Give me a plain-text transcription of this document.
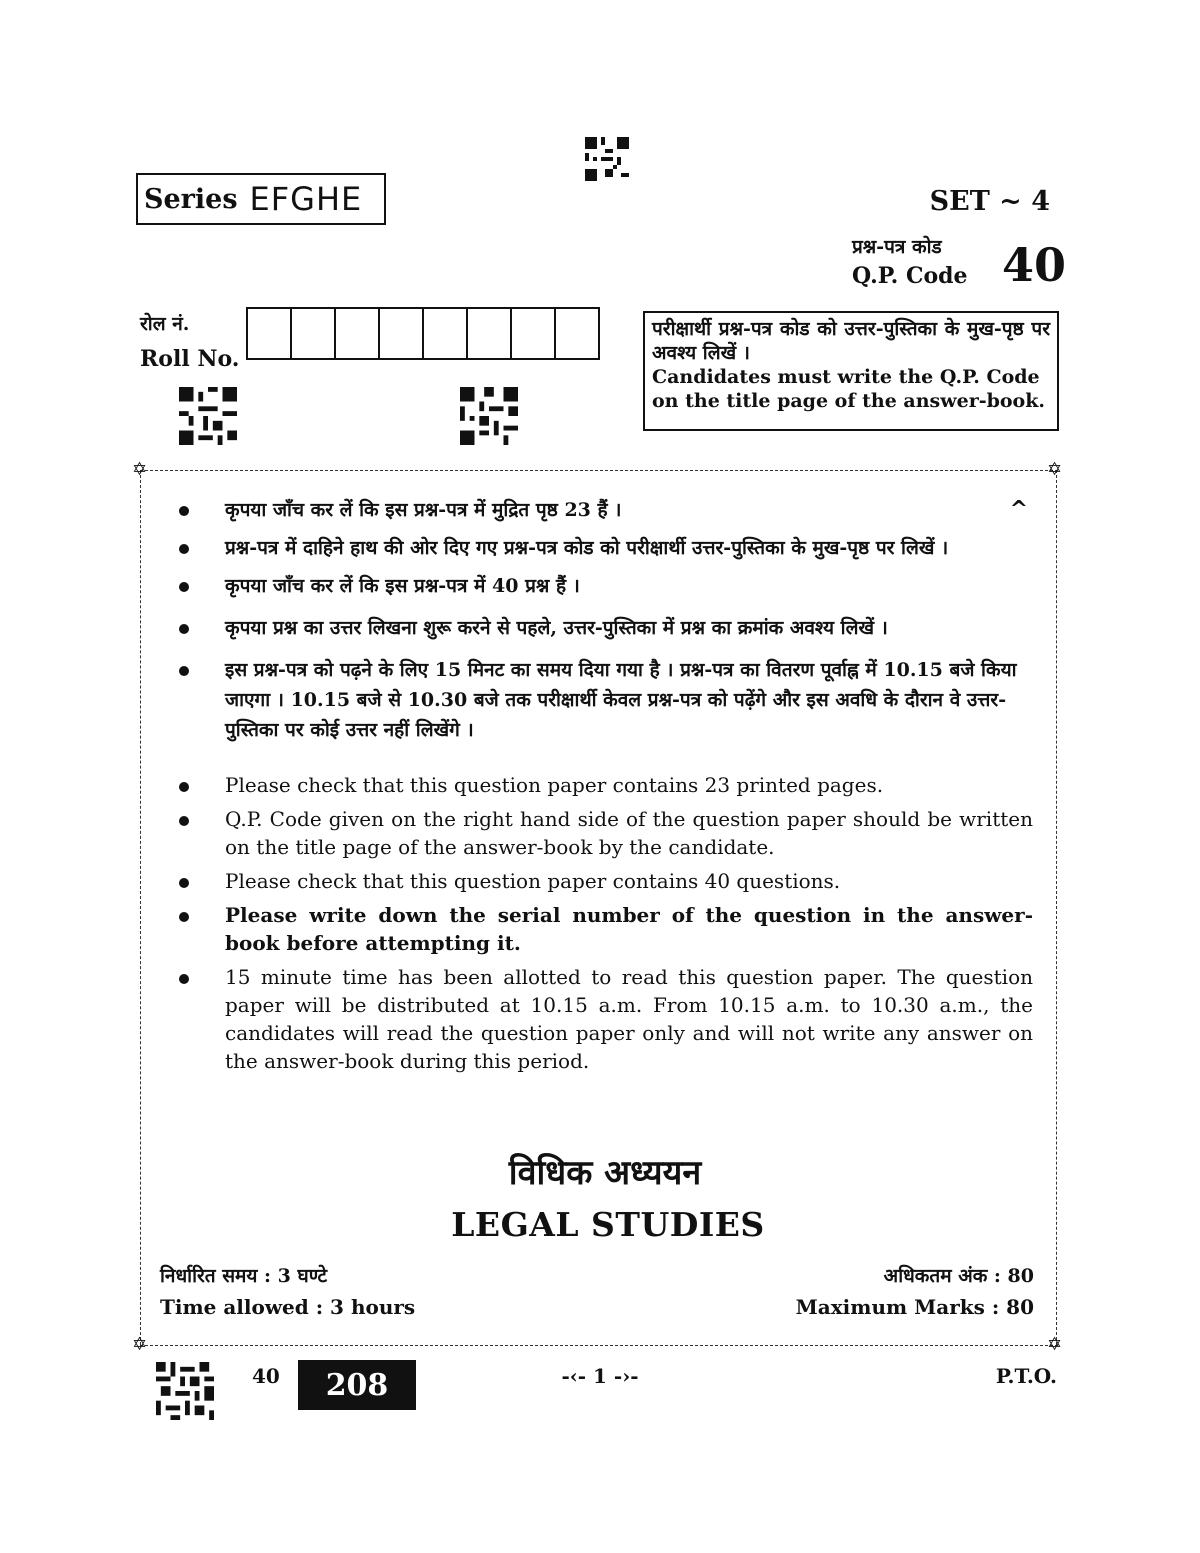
Series EFGHE	SET ~ 4
प्रश्न-पत्र कोड
Q.P. Code 40
रोल नं.
Roll No.
परीक्षार्थी प्रश्न-पत्र कोड को उत्तर-पुस्तिका के मुख-पृष्ठ पर अवश्य लिखें ।
Candidates must write the Q.P. Code on the title page of the answer-book.
✡	✡
✡	✡
कृपया जाँच कर लें कि इस प्रश्न-पत्र में मुद्रित पृष्ठ 23 हैं ।	^
प्रश्न-पत्र में दाहिने हाथ की ओर दिए गए प्रश्न-पत्र कोड को परीक्षार्थी उत्तर-पुस्तिका के मुख-पृष्ठ पर लिखें ।
कृपया जाँच कर लें कि इस प्रश्न-पत्र में 40 प्रश्न हैं ।
कृपया प्रश्न का उत्तर लिखना शुरू करने से पहले, उत्तर-पुस्तिका में प्रश्न का क्रमांक अवश्य लिखें ।
इस प्रश्न-पत्र को पढ़ने के लिए 15 मिनट का समय दिया गया है । प्रश्न-पत्र का वितरण पूर्वाह्न में 10.15 बजे किया जाएगा । 10.15 बजे से 10.30 बजे तक परीक्षार्थी केवल प्रश्न-पत्र को पढ़ेंगे और इस अवधि के दौरान वे उत्तर-पुस्तिका पर कोई उत्तर नहीं लिखेंगे ।
Please check that this question paper contains 23 printed pages.
Q.P. Code given on the right hand side of the question paper should be written on the title page of the answer-book by the candidate.
Please check that this question paper contains 40 questions.
Please write down the serial number of the question in the answer-book before attempting it.
15 minute time has been allotted to read this question paper. The question paper will be distributed at 10.15 a.m. From 10.15 a.m. to 10.30 a.m., the candidates will read the question paper only and will not write any answer on the answer-book during this period.
विधिक अध्ययन
LEGAL STUDIES
निर्धारित समय : 3 घण्टे
Time allowed : 3 hours
अधिकतम अंक : 80
Maximum Marks : 80
40	208	-‹- 1 -›-	P.T.O.
